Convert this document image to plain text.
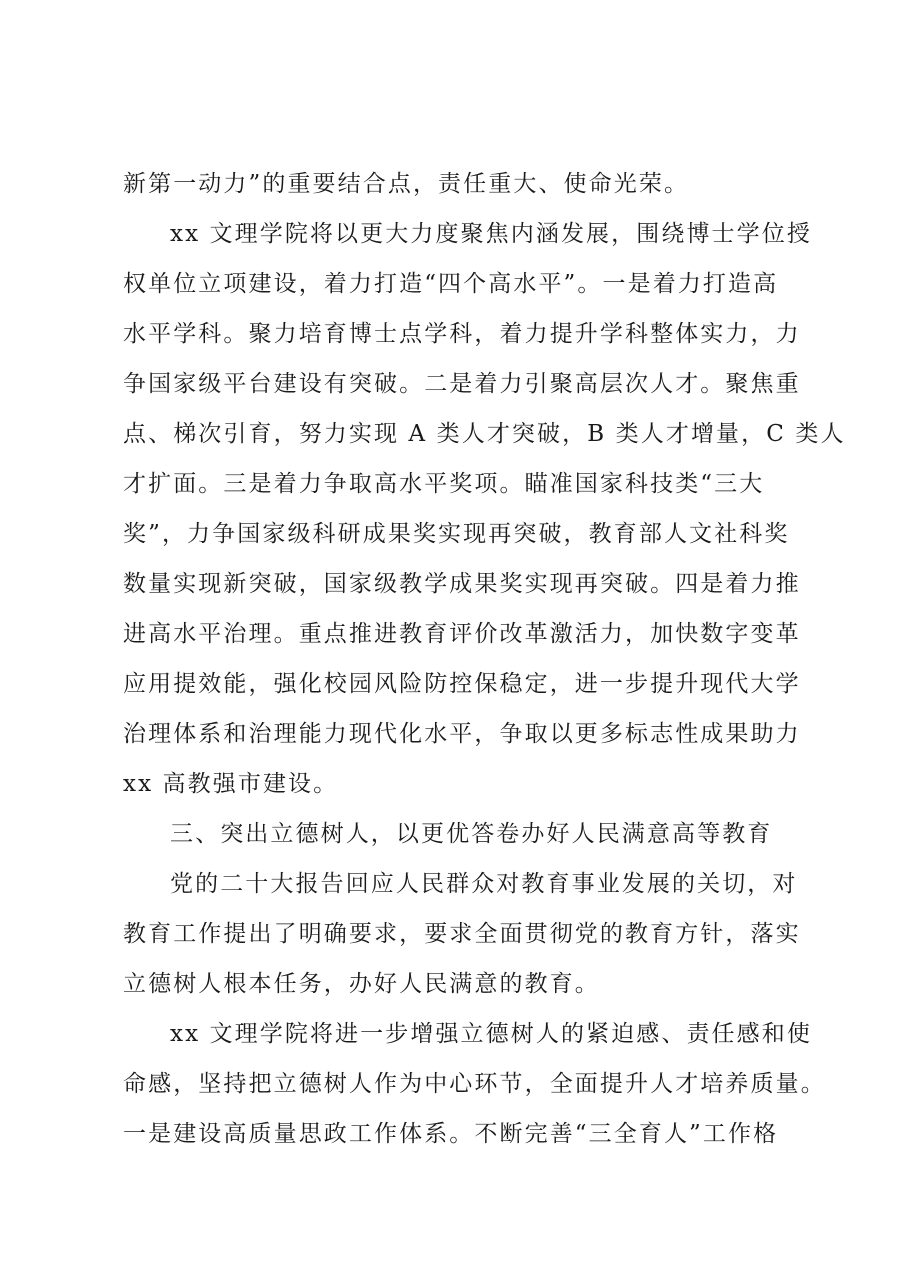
新第一动力”的重要结合点，责任重大、使命光荣。
xx 文理学院将以更大力度聚焦内涵发展，围绕博士学位授
权单位立项建设，着力打造“四个高水平”。一是着力打造高
水平学科。聚力培育博士点学科，着力提升学科整体实力，力
争国家级平台建设有突破。二是着力引聚高层次人才。聚焦重
点、梯次引育，努力实现 A 类人才突破，B 类人才增量，C 类人
才扩面。三是着力争取高水平奖项。瞄准国家科技类“三大
奖”，力争国家级科研成果奖实现再突破，教育部人文社科奖
数量实现新突破，国家级教学成果奖实现再突破。四是着力推
进高水平治理。重点推进教育评价改革激活力，加快数字变革
应用提效能，强化校园风险防控保稳定，进一步提升现代大学
治理体系和治理能力现代化水平，争取以更多标志性成果助力
xx 高教强市建设。
三、突出立德树人，以更优答卷办好人民满意高等教育
党的二十大报告回应人民群众对教育事业发展的关切，对
教育工作提出了明确要求，要求全面贯彻党的教育方针，落实
立德树人根本任务，办好人民满意的教育。
xx 文理学院将进一步增强立德树人的紧迫感、责任感和使
命感，坚持把立德树人作为中心环节，全面提升人才培养质量。
一是建设高质量思政工作体系。不断完善“三全育人”工作格
